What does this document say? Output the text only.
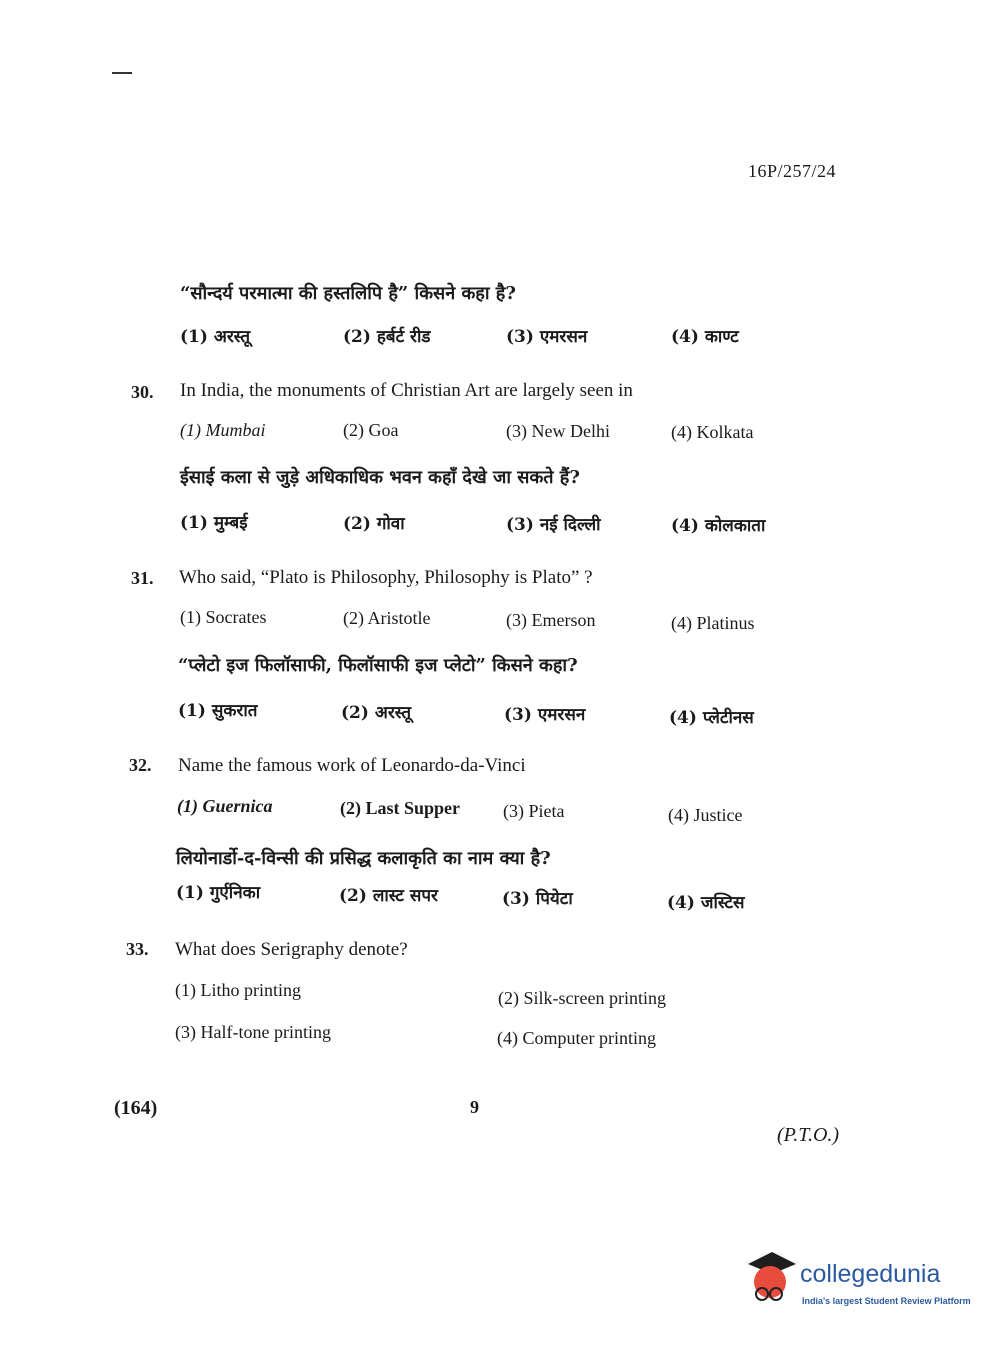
16P/257/24
“सौन्दर्य परमात्मा की हस्तलिपि है” किसने कहा है?
(1) अरस्तू	(2) हर्बर्ट रीड	(3) एमरसन	(4) काण्ट
30. In India, the monuments of Christian Art are largely seen in
(1) Mumbai	(2) Goa	(3) New Delhi	(4) Kolkata
ईसाई कला से जुड़े अधिकाधिक भवन कहाँ देखे जा सकते हैं?
(1) मुम्बई	(2) गोवा	(3) नई दिल्ली	(4) कोलकाता
31. Who said, “Plato is Philosophy, Philosophy is Plato” ?
(1) Socrates	(2) Aristotle	(3) Emerson	(4) Platinus
“प्लेटो इज फिलॉसाफी, फिलॉसाफी इज प्लेटो” किसने कहा?
(1) सुकरात	(2) अरस्तू	(3) एमरसन	(4) प्लेटीनस
32. Name the famous work of Leonardo-da-Vinci
(1) Guernica	(2) Last Supper (3) Pieta	(4) Justice
लियोनार्डो-द-विन्सी की प्रसिद्ध कलाकृति का नाम क्या है?
(1) गुर्एनिका	(2) लास्ट सपर	(3) पियेटा	(4) जस्टिस
33. What does Serigraphy denote?
(1) Litho printing	(2) Silk-screen printing
(3) Half-tone printing	(4) Computer printing
(164)	9
(P.T.O.)
collegedunia
India's largest Student Review Platform
